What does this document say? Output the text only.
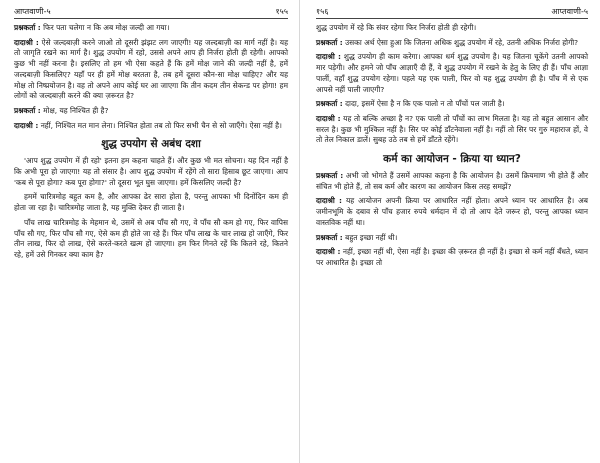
आप्तवाणी-५	१५५

प्रश्नकर्ता : फिर पता चलेगा न कि अब मोक्ष जल्दी आ गया।

दादाश्री : ऐसे जल्दबाज़ी करने जाओ तो दूसरी झंझट लग जाएगी! यह जल्दबाज़ी का मार्ग नहीं है। यह तो जागृति रखने का मार्ग है। शुद्ध उपयोग में रहो, उससे अपने आप ही निर्जरा होती ही रहेगी। आपको कुछ भी नहीं करना है। इसलिए तो हम भी ऐसा कहते हैं कि हमें मोक्ष जाने की जल्दी नहीं है, हमें जल्दबाज़ी किसलिए? यहाँ पर ही हमें मोक्ष बरतता है, तब हमें दूसरा कौन-सा मोक्ष चाहिए? और यह मोक्ष तो निष्प्रयोजन है। वह तो अपने आप कोई घर आ जाएगा कि तीन कदम तीन सेकन्ड पर होगा! हम लोगों को जल्दबाज़ी करने की क्या ज़रूरत है?

प्रश्नकर्ता : मोक्ष, यह निश्चित ही है?

दादाश्री : नहीं, निश्चित मत मान लेना। निश्चित होता तब तो फिर सभी चैन से सो जाएँगे। ऐसा नहीं है।

शुद्ध उपयोग से अबंध दशा

'आप शुद्ध उपयोग में ही रहो' इतना हम कहना चाहते हैं। और कुछ भी मत सोचना। यह दिन नहीं है कि अभी पूरा हो जाएगा! यह तो संसार है। आप शुद्ध उपयोग में रहेंगे तो सारा हिसाब छूट जाएगा। आप 'कब से पूरा होगा? कब पूरा होगा?' तो दूसरा भूत घुस जाएगा। हमें किसलिए जल्दी है?

हममें चारित्रमोह बहुत कम है, और आपका ढेर सारा होता है, परन्तु आपका भी दिनोंदिन कम ही होता जा रहा है। चारित्रमोह जाता है, यह मुक्ति देकर ही जाता है।

पाँच लाख चारित्रमोह के मेहमान थे, उसमें से अब पाँच सौ गए, वे पाँच सौ कम हो गए, फिर वापिस पाँच सौ गए, फिर पाँच सौ गए, ऐसे कम ही होते जा रहे हैं। फिर पाँच लाख के चार लाख हो जाएँगे, फिर तीन लाख, फिर दो लाख, ऐसे करते-करते खत्म हो जाएगा। हम फिर गिनते रहें कि कितने रहे, कितने रहे, हमें उसे गिनकर क्या काम है?

१५६	आप्तवाणी-५

शुद्ध उपयोग में रहे कि संवर रहेगा फिर निर्जरा होती ही रहेगी।

प्रश्नकर्ता : उसका अर्थ ऐसा हुआ कि जितना अधिक शुद्ध उपयोग में रहे, उतनी अधिक निर्जरा होगी?

दादाश्री : शुद्ध उपयोग ही काम करेगा। आपका धर्म शुद्ध उपयोग है। यह जितना चूकेंगे उतनी आपको मार पड़ेगी। और हमने जो पाँच आज्ञाएँ दी हैं, वे शुद्ध उपयोग में रखने के हेतु के लिए ही हैं। पाँच आज्ञा पालीं, वहाँ शुद्ध उपयोग रहेगा। पहले यह एक पाली, फिर वो यह शुद्ध उपयोग ही है। पाँच में से एक आपसे नहीं पाली जाएगी?

प्रश्नकर्ता : दादा, इसमें ऐसा है न कि एक पालो न तो पाँचों पल जाती है।

दादाश्री : यह तो बल्कि अच्छा है न? एक पाली तो पाँचों का लाभ मिलता है। यह तो बहुत आसान और सरल है। कुछ भी मुश्किल नहीं है। सिर पर कोई डाँटनेवाला नहीं है। नहीं तो सिर पर गुरु महाराज हों, वे तो तेल निकाल डालें। सुबह उठे तब से हमें डाँटते रहेंगे।

कर्म का आयोजन - क्रिया या ध्यान?

प्रश्नकर्ता : अभी जो भोगते हैं उसमें आपका कहना है कि आयोजन है। उसमें क्रियमाण भी होते हैं और संचित भी होते हैं, तो सब कर्म और कारण का आयोजन किस तरह समझें?

दादाश्री : यह आयोजन अपनी क्रिया पर आधारित नहीं होता। अपने ध्यान पर आधारित है। अब जमीनभूमि के दबाव से पाँच हजार रुपये धर्मदान में दो तो आप देते जरूर हो, परन्तु आपका ध्यान वास्तविक नहीं था।

प्रश्नकर्ता : बहुत इच्छा नहीं थी।

दादाश्री : नहीं, इच्छा नहीं थी, ऐसा नहीं है। इच्छा की ज़रूरत ही नहीं है। इच्छा से कर्म नहीं बँधते, ध्यान पर आधारित है। इच्छा तो
